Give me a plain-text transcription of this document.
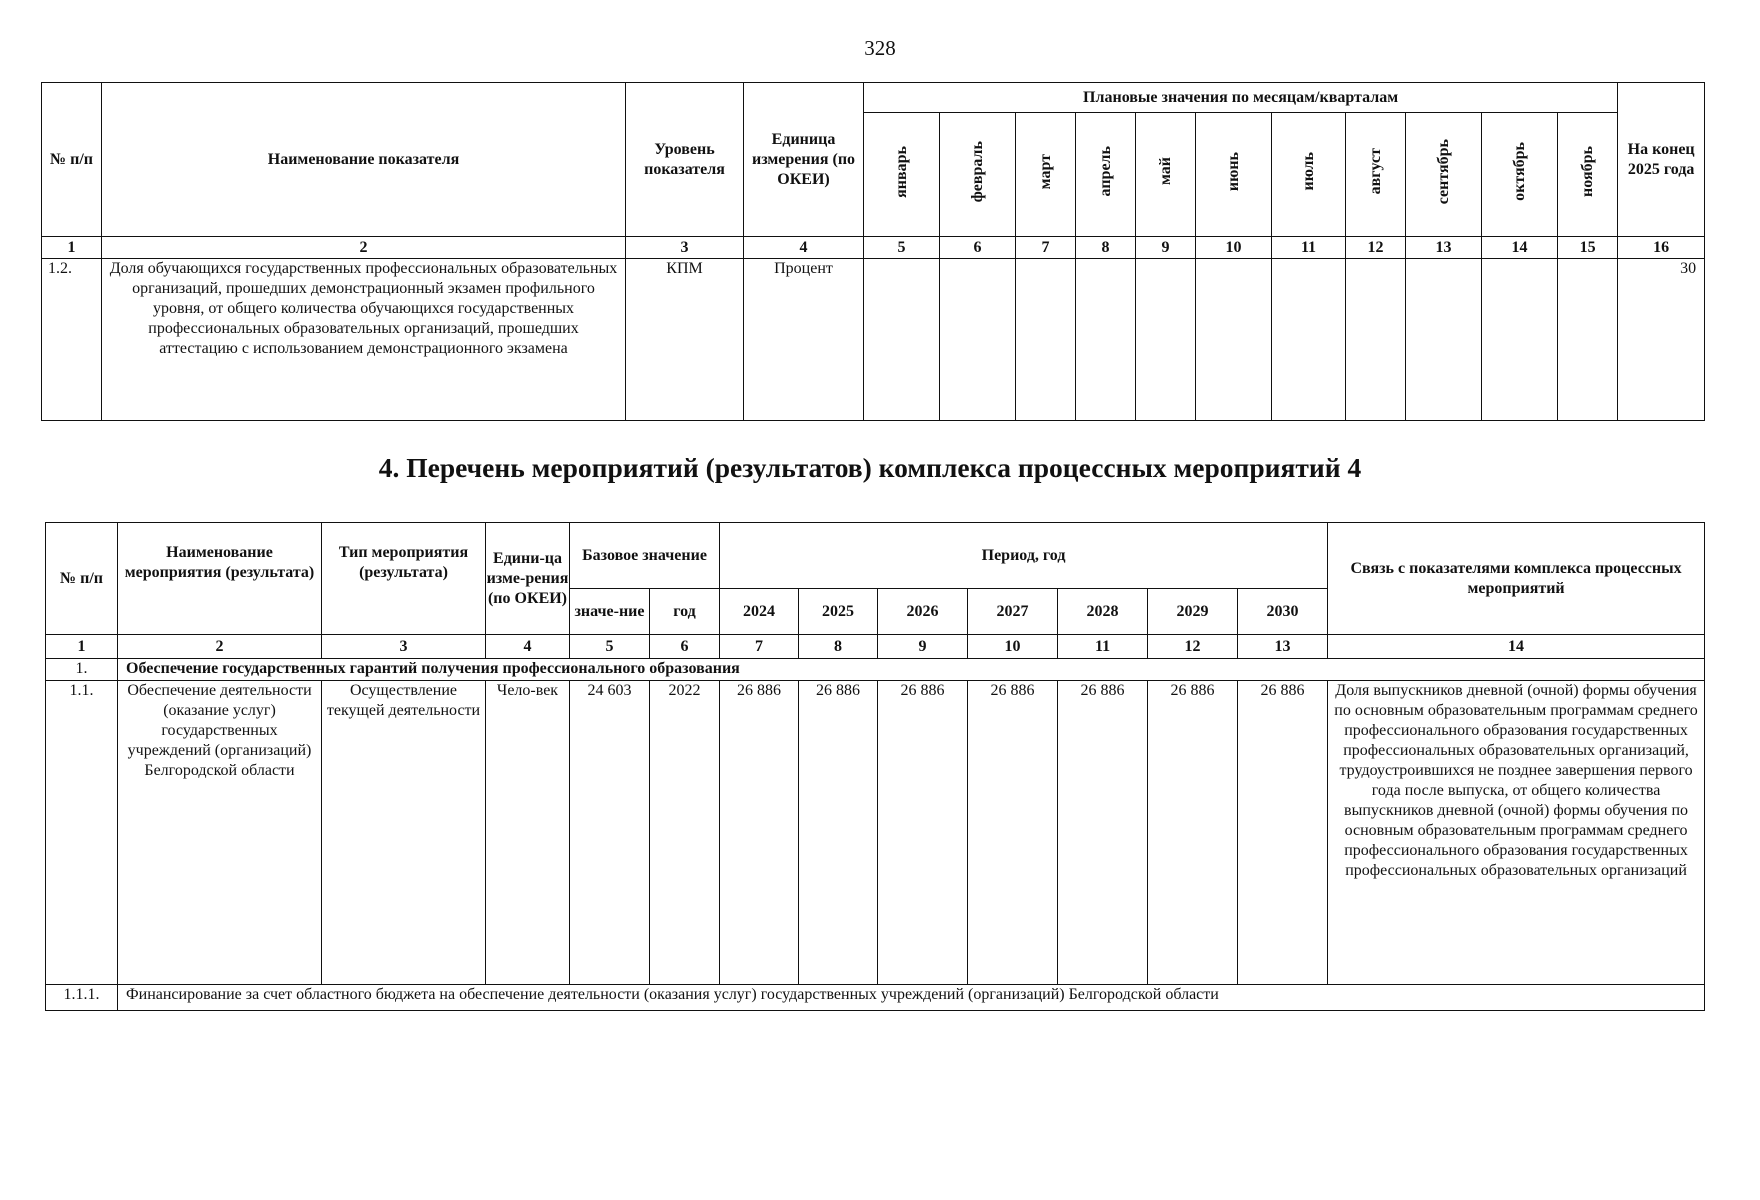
328
№ п/п	Наименование показателя	Уровень показателя	Единица измерения (по ОКЕИ)	Плановые значения по месяцам/кварталам											На конец 2025 года
				январь	февраль	март	апрель	май	июнь	июль	август	сентябрь	октябрь	ноябрь	
1	2	3	4	5	6	7	8	9	10	11	12	13	14	15	16
1.2.	Доля обучающихся государственных профессиональных образовательных организаций, прошедших демонстрационный экзамен профильного уровня, от общего количества обучающихся государственных профессиональных образовательных организаций, прошедших аттестацию с использованием демонстрационного экзамена	КПМ	Процент												30
4. Перечень мероприятий (результатов) комплекса процессных мероприятий 4
№ п/п	Наименование мероприятия (результата)	Тип мероприятия (результата)	Едини-ца изме-рения (по ОКЕИ)	Базовое значение		Период, год							Связь с показателями комплекса процессных мероприятий
				значе-ние	год	2024	2025	2026	2027	2028	2029	2030	
1	2	3	4	5	6	7	8	9	10	11	12	13	14
1.	Обеспечение государственных гарантий получения профессионального образования												
1.1.	Обеспечение деятельности (оказание услуг) государственных учреждений (организаций) Белгородской области	Осуществление текущей деятельности	Чело-век	24 603	2022	26 886	26 886	26 886	26 886	26 886	26 886	26 886	Доля выпускников дневной (очной) формы обучения по основным образовательным программам среднего профессионального образования государственных профессиональных образовательных организаций, трудоустроившихся не позднее завершения первого года после выпуска, от общего количества выпускников дневной (очной) формы обучения по основным образовательным программам среднего профессионального образования государственных профессиональных образовательных организаций
1.1.1.	Финансирование за счет областного бюджета на обеспечение деятельности (оказания услуг) государственных учреждений (организаций) Белгородской области												
